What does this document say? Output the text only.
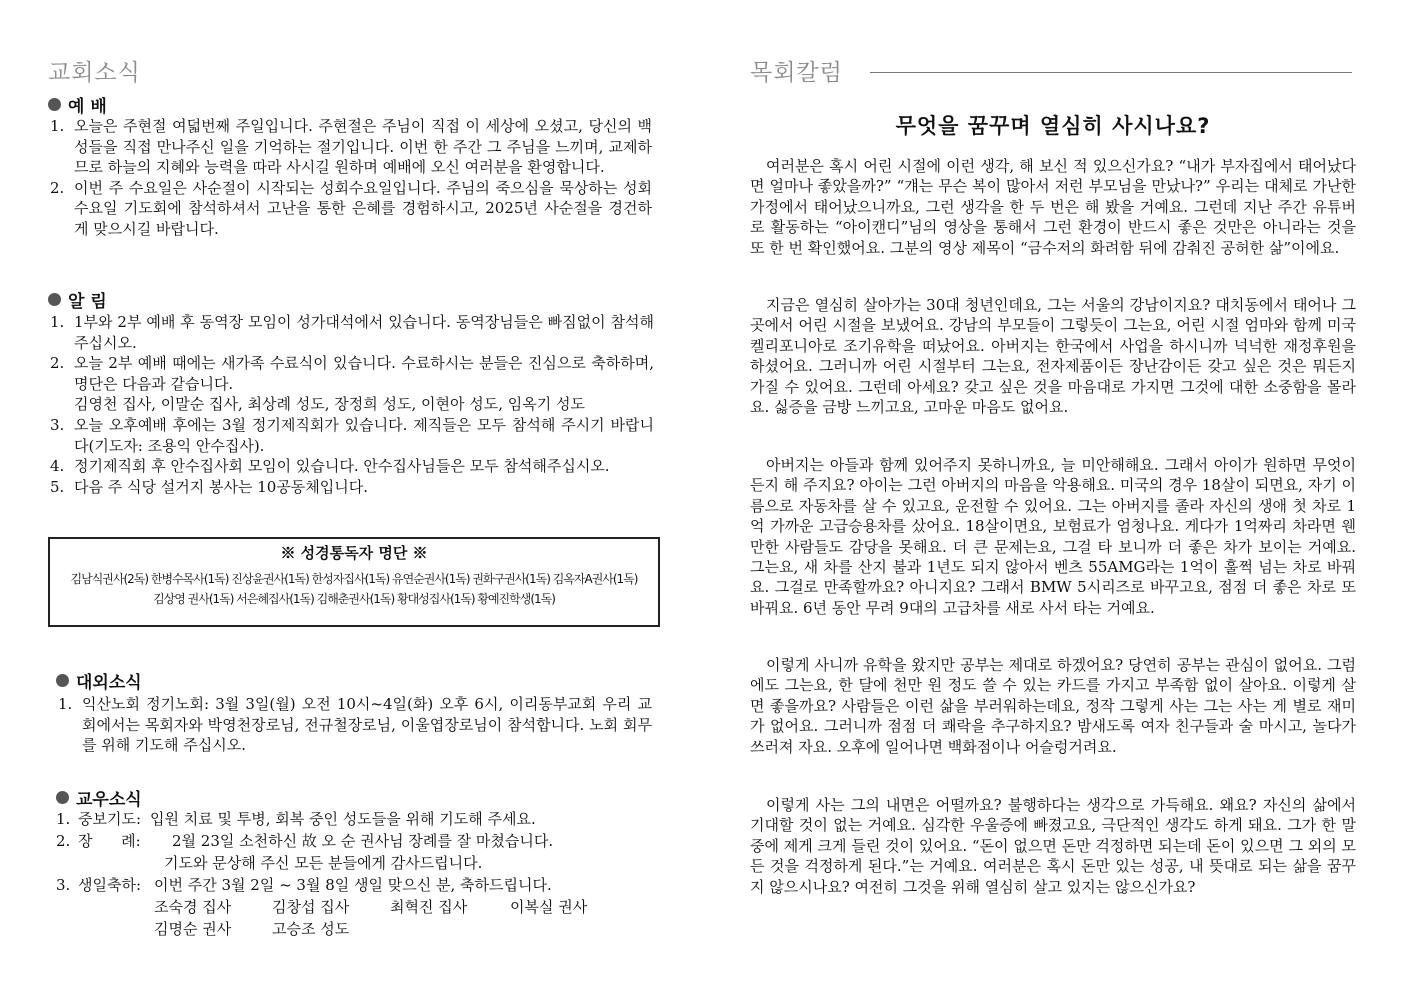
교회소식
예 배
1. 오늘은 주현절 여덟번째 주일입니다. 주현절은 주님이 직접 이 세상에 오셨고, 당신의 백성들을 직접 만나주신 일을 기억하는 절기입니다. 이번 한 주간 그 주님을 느끼며, 교제하므로 하늘의 지혜와 능력을 따라 사시길 원하며 예배에 오신 여러분을 환영합니다.
2. 이번 주 수요일은 사순절이 시작되는 성회수요일입니다. 주님의 죽으심을 묵상하는 성회 수요일 기도회에 참석하셔서 고난을 통한 은혜를 경험하시고, 2025년 사순절을 경건하게 맞으시길 바랍니다.
알 림
1. 1부와 2부 예배 후 동역장 모임이 성가대석에서 있습니다. 동역장님들은 빠짐없이 참석해 주십시오.
2. 오늘 2부 예배 때에는 새가족 수료식이 있습니다. 수료하시는 분들은 진심으로 축하하며, 명단은 다음과 같습니다.
김영천 집사, 이말순 집사, 최상례 성도, 장정희 성도, 이현아 성도, 임옥기 성도
3. 오늘 오후예배 후에는 3월 정기제직회가 있습니다. 제직들은 모두 참석해 주시기 바랍니다(기도자: 조용익 안수집사).
4. 정기제직회 후 안수집사회 모임이 있습니다. 안수집사님들은 모두 참석해주십시오.
5. 다음 주 식당 설거지 봉사는 10공동체입니다.
※ 성경통독자 명단 ※
김남식권사(2독) 한병수목사(1독) 진상윤권사(1독) 한성자집사(1독) 유연순권사(1독) 권화구권사(1독) 김옥자A권사(1독)
김상영 권사(1독) 서은혜집사(1독) 김해춘권사(1독) 황대성집사(1독) 황예진학생(1독)
대외소식
1. 익산노회 정기노회: 3월 3일(월) 오전 10시~4일(화) 오후 6시, 이리동부교회 우리 교회에서는 목회자와 박영천장로님, 전규철장로님, 이울엽장로님이 참석합니다. 노회 회무를 위해 기도해 주십시오.
교우소식
1. 중보기도: 입원 치료 및 투병, 회복 중인 성도들을 위해 기도해 주세요.
2. 장      례:	2월 23일 소천하신 故 오 순 권사님 장례를 잘 마쳤습니다.
기도와 문상해 주신 모든 분들에게 감사드립니다.
3. 생일축하: 이번 주간 3월 2일 ~ 3월 8일 생일 맞으신 분, 축하드립니다.
조숙경 집사	김창섭 집사	최혁진 집사	이복실 권사
김명순 권사	고승조 성도
목회칼럼
무엇을 꿈꾸며 열심히 사시나요?

여러분은 혹시 어린 시절에 이런 생각, 해 보신 적 있으신가요? “내가 부자집에서 태어났다면 얼마나 좋았을까?” “걔는 무슨 복이 많아서 저런 부모님을 만났나?” 우리는 대체로 가난한 가정에서 태어났으니까요, 그런 생각을 한 두 번은 해 봤을 거예요. 그런데 지난 주간 유튜버로 활동하는 “아이캔디”님의 영상을 통해서 그런 환경이 반드시 좋은 것만은 아니라는 것을 또 한 번 확인했어요. 그분의 영상 제목이 “금수저의 화려함 뒤에 감춰진 공허한 삶”이에요.

지금은 열심히 살아가는 30대 청년인데요, 그는 서울의 강남이지요? 대치동에서 태어나 그곳에서 어린 시절을 보냈어요. 강남의 부모들이 그렇듯이 그는요, 어린 시절 엄마와 함께 미국 켈리포니아로 조기유학을 떠났어요. 아버지는 한국에서 사업을 하시니까 넉넉한 재정후원을 하셨어요. 그러니까 어린 시절부터 그는요, 전자제품이든 장난감이든 갖고 싶은 것은 뭐든지 가질 수 있어요. 그런데 아세요? 갖고 싶은 것을 마음대로 가지면 그것에 대한 소중함을 몰라요. 싫증을 금방 느끼고요, 고마운 마음도 없어요.

아버지는 아들과 함께 있어주지 못하니까요, 늘 미안해해요. 그래서 아이가 원하면 무엇이든지 해 주지요? 아이는 그런 아버지의 마음을 악용해요. 미국의 경우 18살이 되면요, 자기 이름으로 자동차를 살 수 있고요, 운전할 수 있어요. 그는 아버지를 졸라 자신의 생애 첫 차로 1억 가까운 고급승용차를 샀어요. 18살이면요, 보험료가 엄청나요. 게다가 1억짜리 차라면 웬만한 사람들도 감당을 못해요. 더 큰 문제는요, 그걸 타 보니까 더 좋은 차가 보이는 거예요. 그는요, 새 차를 산지 불과 1년도 되지 않아서 벤츠 55AMG라는 1억이 훌쩍 넘는 차로 바꿔요. 그걸로 만족할까요? 아니지요? 그래서 BMW 5시리즈로 바꾸고요, 점점 더 좋은 차로 또 바꿔요. 6년 동안 무려 9대의 고급차를 새로 사서 타는 거예요.

이렇게 사니까 유학을 왔지만 공부는 제대로 하겠어요? 당연히 공부는 관심이 없어요. 그럼에도 그는요, 한 달에 천만 원 정도 쓸 수 있는 카드를 가지고 부족함 없이 살아요. 이렇게 살면 좋을까요? 사람들은 이런 삶을 부러워하는데요, 정작 그렇게 사는 그는 사는 게 별로 재미가 없어요. 그러니까 점점 더 쾌락을 추구하지요? 밤새도록 여자 친구들과 술 마시고, 놀다가 쓰러져 자요. 오후에 일어나면 백화점이나 어슬렁거려요.

이렇게 사는 그의 내면은 어떨까요? 불행하다는 생각으로 가득해요. 왜요? 자신의 삶에서 기대할 것이 없는 거예요. 심각한 우울증에 빠졌고요, 극단적인 생각도 하게 돼요. 그가 한 말 중에 제게 크게 들린 것이 있어요. “돈이 없으면 돈만 걱정하면 되는데 돈이 있으면 그 외의 모든 것을 걱정하게 된다.”는 거예요. 여러분은 혹시 돈만 있는 성공, 내 뜻대로 되는 삶을 꿈꾸지 않으시나요? 여전히 그것을 위해 열심히 살고 있지는 않으신가요?
